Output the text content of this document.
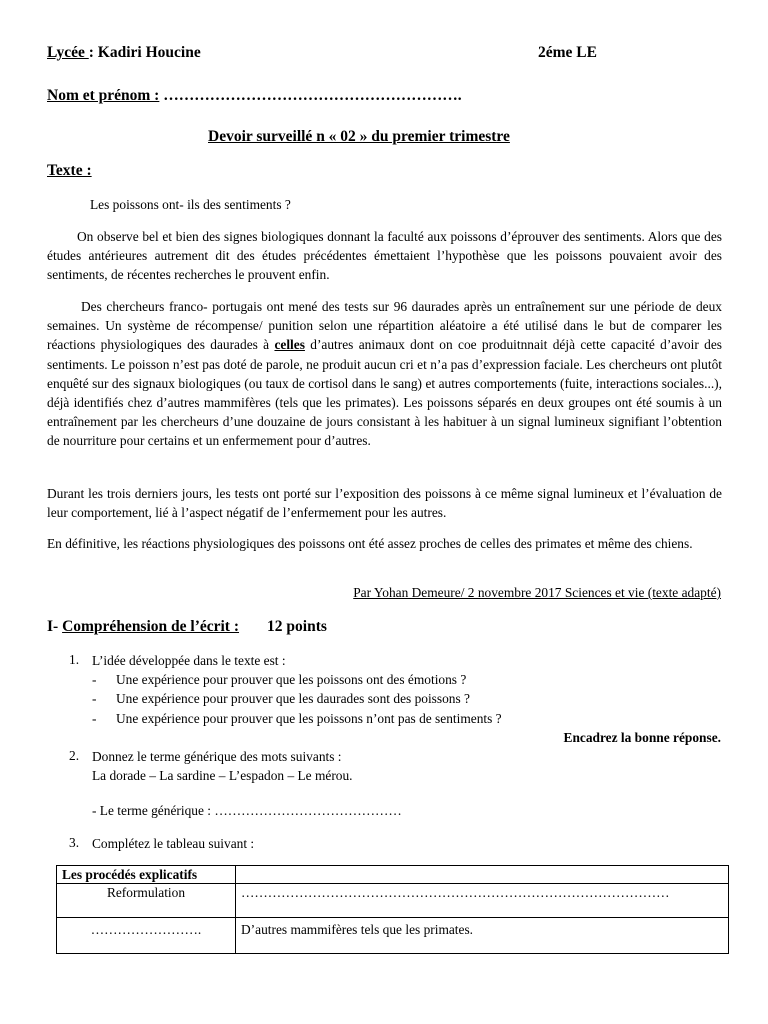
Lycée : Kadiri Houcine	2éme LE
Nom et prénom : ………………………………………………….
Devoir surveillé n « 02 » du premier trimestre
Texte :
Les poissons ont- ils des sentiments ?

On observe bel et bien des signes biologiques donnant la faculté aux poissons d’éprouver des sentiments. Alors que des études antérieures autrement dit des études précédentes émettaient l’hypothèse que les poissons pouvaient avoir des sentiments, de récentes recherches le prouvent enfin.

Des chercheurs franco- portugais ont mené des tests sur 96 daurades après un entraînement sur une période de deux semaines. Un système de récompense/ punition selon une répartition aléatoire a été utilisé dans le but de comparer les réactions physiologiques des daurades à celles d’autres animaux dont on coe produitnnait déjà cette capacité d’avoir des sentiments. Le poisson n’est pas doté de parole, ne produit aucun cri et n’a pas d’expression faciale. Les chercheurs ont plutôt enquêté sur des signaux biologiques (ou taux de cortisol dans le sang) et autres comportements (fuite, interactions sociales...), déjà identifiés chez d’autres mammifères (tels que les primates). Les poissons séparés en deux groupes ont été soumis à un entraînement par les chercheurs d’une douzaine de jours consistant à les habituer à un signal lumineux signifiant l’obtention de nourriture pour certains et un enfermement pour d’autres.

Durant les trois derniers jours, les tests ont porté sur l’exposition des poissons à ce même signal lumineux et l’évaluation de leur comportement, lié à l’aspect négatif de l’enfermement pour les autres.

En définitive, les réactions physiologiques des poissons ont été assez proches de celles des primates et même des chiens.

Par Yohan Demeure/ 2 novembre 2017 Sciences et vie (texte adapté)
I- Compréhension de l’écrit : 12 points
1. L’idée développée dans le texte est :
- Une expérience pour prouver que les poissons ont des émotions ?
- Une expérience pour prouver que les daurades sont des poissons ?
- Une expérience pour prouver que les poissons n’ont pas de sentiments ?
Encadrez la bonne réponse.
2. Donnez le terme générique des mots suivants :
La dorade – La sardine – L’espadon – Le mérou.
- Le terme générique : ……………………………………
3. Complétez le tableau suivant :
Les procédés explicatifs	
Reformulation	……………………………………………………………………………………
…………………….	D’autres mammifères tels que les primates.
